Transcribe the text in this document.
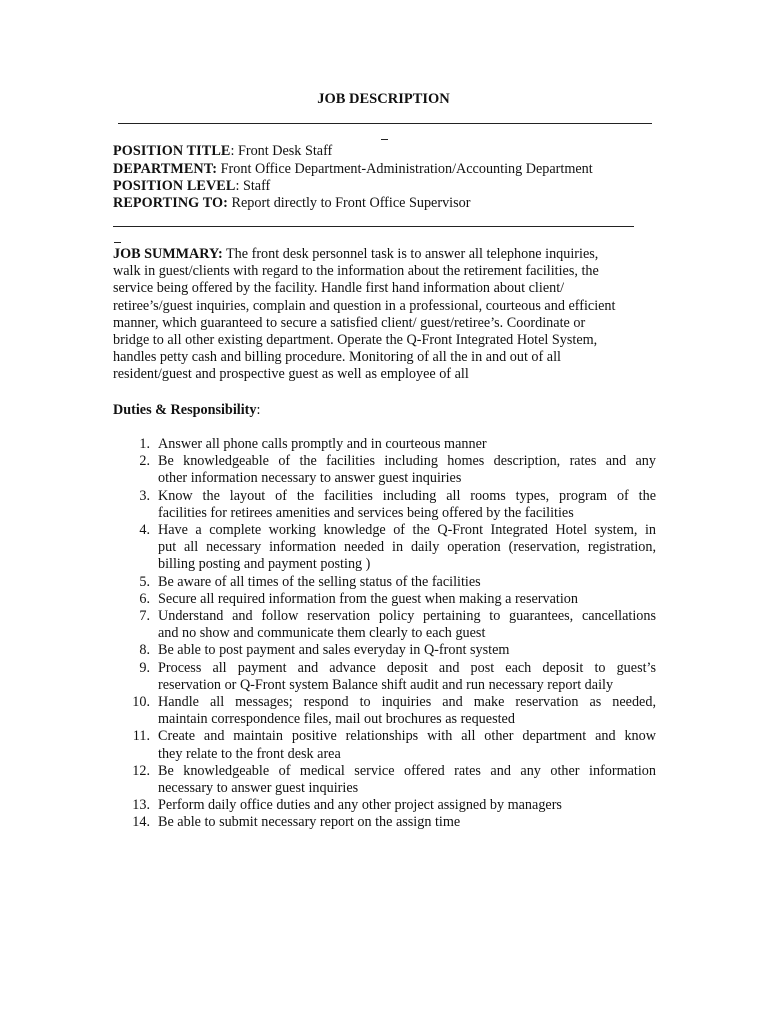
JOB DESCRIPTION
POSITION TITLE: Front Desk Staff
DEPARTMENT: Front Office Department-Administration/Accounting Department
POSITION LEVEL: Staff
REPORTING TO: Report directly to Front Office Supervisor
JOB SUMMARY: The front desk personnel task is to answer all telephone inquiries,
walk in guest/clients with regard to the information about the retirement facilities, the
service being offered by the facility. Handle first hand information about client/
retiree’s/guest inquiries, complain and question in a professional, courteous and efficient
manner, which guaranteed to secure a satisfied client/ guest/retiree’s. Coordinate or
bridge to all other existing department. Operate the Q-Front Integrated Hotel System,
handles petty cash and billing procedure. Monitoring of all the in and out of all
resident/guest and prospective guest as well as employee of all
Duties & Responsibility:
1. Answer all phone calls promptly and in courteous manner
2. Be knowledgeable of the facilities including homes description, rates and any
other information necessary to answer guest inquiries
3. Know the layout of the facilities including all rooms types, program of the
facilities for retirees amenities and services being offered by the facilities
4. Have a complete working knowledge of the Q-Front Integrated Hotel system, in
put all necessary information needed in daily operation (reservation, registration,
billing posting and payment posting )
5. Be aware of all times of the selling status of the facilities
6. Secure all required information from the guest when making a reservation
7. Understand and follow reservation policy pertaining to guarantees, cancellations
and no show and communicate them clearly to each guest
8. Be able to post payment and sales everyday in Q-front system
9. Process all payment and advance deposit and post each deposit to guest’s
reservation or Q-Front system Balance shift audit and run necessary report daily
10. Handle all messages; respond to inquiries and make reservation as needed,
maintain correspondence files, mail out brochures as requested
11. Create and maintain positive relationships with all other department and know
they relate to the front desk area
12. Be knowledgeable of medical service offered rates and any other information
necessary to answer guest inquiries
13. Perform daily office duties and any other project assigned by managers
14. Be able to submit necessary report on the assign time
